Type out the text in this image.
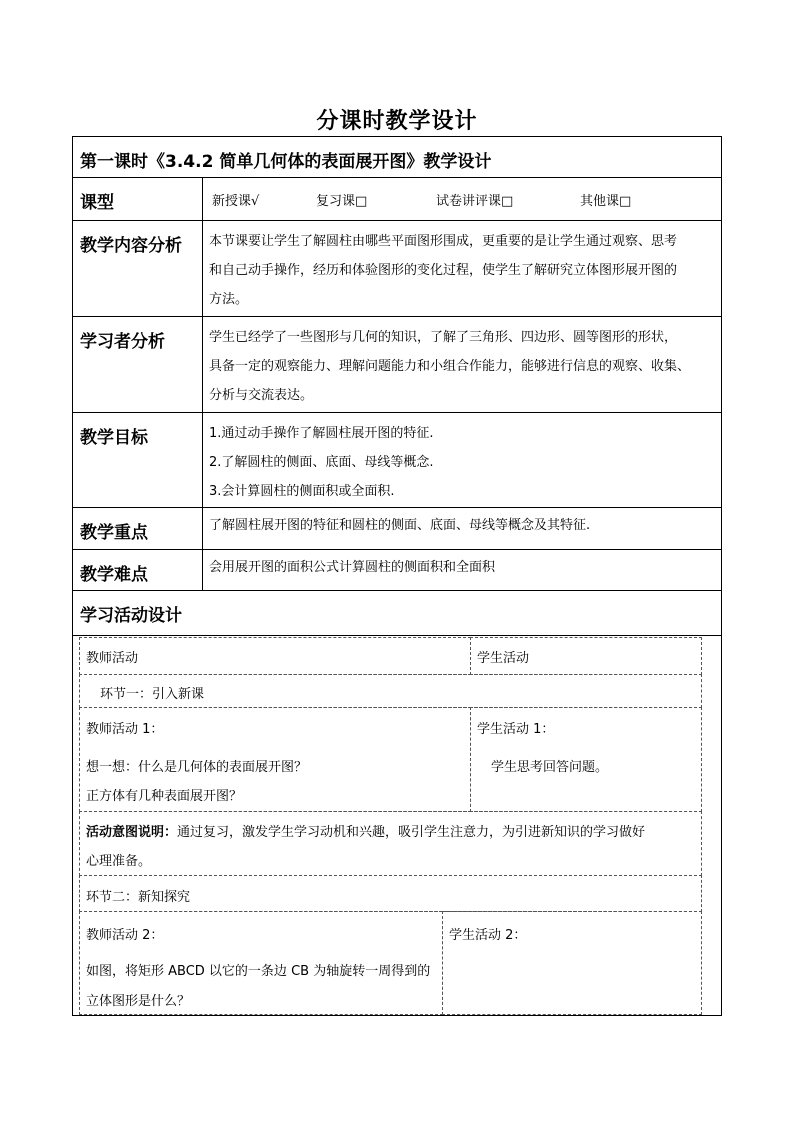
分课时教学设计
第一课时《3.4.2 简单几何体的表面展开图》教学设计
课型	新授课√	复习课□	试卷讲评课□	其他课□
教学内容分析	本节课要让学生了解圆柱由哪些平面图形围成，更重要的是让学生通过观察、思考
和自己动手操作，经历和体验图形的变化过程，使学生了解研究立体图形展开图的
方法。
学习者分析	学生已经学了一些图形与几何的知识，了解了三角形、四边形、圆等图形的形状，
具备一定的观察能力、理解问题能力和小组合作能力，能够进行信息的观察、收集、
分析与交流表达。
教学目标	1.通过动手操作了解圆柱展开图的特征.
2.了解圆柱的侧面、底面、母线等概念.
3.会计算圆柱的侧面积或全面积.
教学重点	了解圆柱展开图的特征和圆柱的侧面、底面、母线等概念及其特征.
教学难点	会用展开图的面积公式计算圆柱的侧面积和全面积
学习活动设计
教师活动	学生活动
环节一：引入新课
教师活动 1：
想一想：什么是几何体的表面展开图？
正方体有几种表面展开图？
学生活动 1：
学生思考回答问题。
活动意图说明：通过复习，激发学生学习动机和兴趣，吸引学生注意力，为引进新知识的学习做好
心理准备。
环节二：新知探究
教师活动 2：
如图，将矩形 ABCD 以它的一条边 CB 为轴旋转一周得到的
立体图形是什么？
学生活动 2：
